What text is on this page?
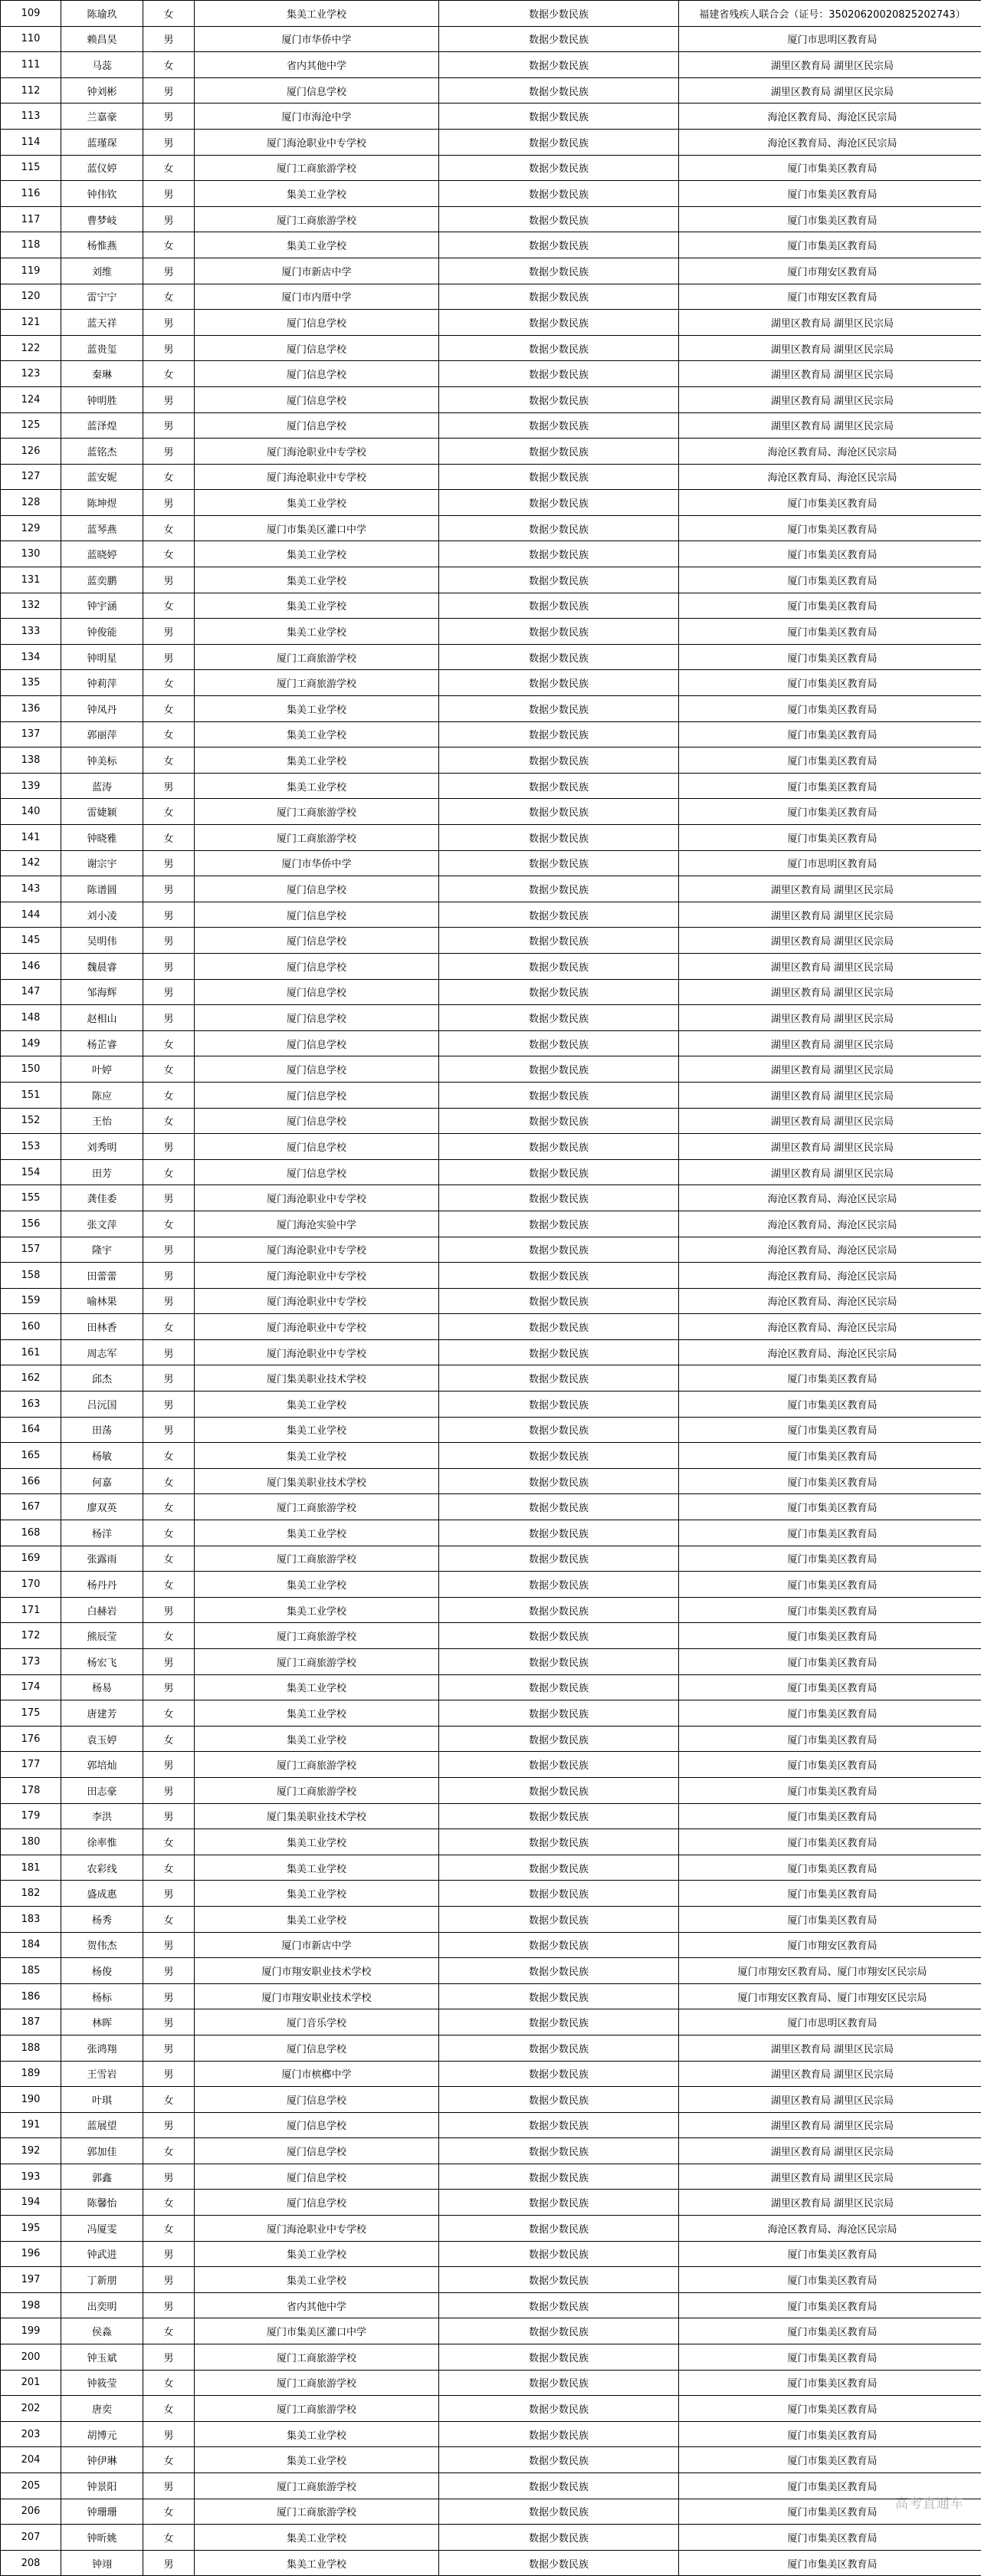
109	陈瑜玖	女	集美工业学校	数据少数民族	福建省残疾人联合会（证号：35020620020825202743）
110	赖昌昊	男	厦门市华侨中学	数据少数民族	厦门市思明区教育局
111	马蕊	女	省内其他中学	数据少数民族	湖里区教育局 湖里区民宗局
112	钟刘彬	男	厦门信息学校	数据少数民族	湖里区教育局 湖里区民宗局
113	兰嘉豪	男	厦门市海沧中学	数据少数民族	海沧区教育局、海沧区民宗局
114	蓝瑾琛	男	厦门海沧职业中专学校	数据少数民族	海沧区教育局、海沧区民宗局
115	蓝仪婷	女	厦门工商旅游学校	数据少数民族	厦门市集美区教育局
116	钟伟钦	男	集美工业学校	数据少数民族	厦门市集美区教育局
117	曹梦岐	男	厦门工商旅游学校	数据少数民族	厦门市集美区教育局
118	杨惟燕	女	集美工业学校	数据少数民族	厦门市集美区教育局
119	刘维	男	厦门市新店中学	数据少数民族	厦门市翔安区教育局
120	雷宁宁	女	厦门市内厝中学	数据少数民族	厦门市翔安区教育局
121	蓝天祥	男	厦门信息学校	数据少数民族	湖里区教育局 湖里区民宗局
122	蓝贵玺	男	厦门信息学校	数据少数民族	湖里区教育局 湖里区民宗局
123	秦琳	女	厦门信息学校	数据少数民族	湖里区教育局 湖里区民宗局
124	钟明胜	男	厦门信息学校	数据少数民族	湖里区教育局 湖里区民宗局
125	蓝泽煌	男	厦门信息学校	数据少数民族	湖里区教育局 湖里区民宗局
126	蓝铭杰	男	厦门海沧职业中专学校	数据少数民族	海沧区教育局、海沧区民宗局
127	蓝安妮	女	厦门海沧职业中专学校	数据少数民族	海沧区教育局、海沧区民宗局
128	陈坤煜	男	集美工业学校	数据少数民族	厦门市集美区教育局
129	蓝琴燕	女	厦门市集美区灌口中学	数据少数民族	厦门市集美区教育局
130	蓝晓婷	女	集美工业学校	数据少数民族	厦门市集美区教育局
131	蓝奕鹏	男	集美工业学校	数据少数民族	厦门市集美区教育局
132	钟宇涵	女	集美工业学校	数据少数民族	厦门市集美区教育局
133	钟俊能	男	集美工业学校	数据少数民族	厦门市集美区教育局
134	钟明星	男	厦门工商旅游学校	数据少数民族	厦门市集美区教育局
135	钟莉萍	女	厦门工商旅游学校	数据少数民族	厦门市集美区教育局
136	钟凤丹	女	集美工业学校	数据少数民族	厦门市集美区教育局
137	郭丽萍	女	集美工业学校	数据少数民族	厦门市集美区教育局
138	钟美标	女	集美工业学校	数据少数民族	厦门市集美区教育局
139	蓝涛	男	集美工业学校	数据少数民族	厦门市集美区教育局
140	雷婕颖	女	厦门工商旅游学校	数据少数民族	厦门市集美区教育局
141	钟晓雅	女	厦门工商旅游学校	数据少数民族	厦门市集美区教育局
142	谢宗宇	男	厦门市华侨中学	数据少数民族	厦门市思明区教育局
143	陈谱圆	男	厦门信息学校	数据少数民族	湖里区教育局 湖里区民宗局
144	刘小凌	男	厦门信息学校	数据少数民族	湖里区教育局 湖里区民宗局
145	吴明伟	男	厦门信息学校	数据少数民族	湖里区教育局 湖里区民宗局
146	魏晨睿	男	厦门信息学校	数据少数民族	湖里区教育局 湖里区民宗局
147	邹海辉	男	厦门信息学校	数据少数民族	湖里区教育局 湖里区民宗局
148	赵相山	男	厦门信息学校	数据少数民族	湖里区教育局 湖里区民宗局
149	杨芷睿	女	厦门信息学校	数据少数民族	湖里区教育局 湖里区民宗局
150	叶婷	女	厦门信息学校	数据少数民族	湖里区教育局 湖里区民宗局
151	陈应	女	厦门信息学校	数据少数民族	湖里区教育局 湖里区民宗局
152	王怡	女	厦门信息学校	数据少数民族	湖里区教育局 湖里区民宗局
153	刘秀明	男	厦门信息学校	数据少数民族	湖里区教育局 湖里区民宗局
154	田芳	女	厦门信息学校	数据少数民族	湖里区教育局 湖里区民宗局
155	龚佳委	男	厦门海沧职业中专学校	数据少数民族	海沧区教育局、海沧区民宗局
156	张文萍	女	厦门海沧实验中学	数据少数民族	海沧区教育局、海沧区民宗局
157	隆宇	男	厦门海沧职业中专学校	数据少数民族	海沧区教育局、海沧区民宗局
158	田蕾蕾	男	厦门海沧职业中专学校	数据少数民族	海沧区教育局、海沧区民宗局
159	喻林果	男	厦门海沧职业中专学校	数据少数民族	海沧区教育局、海沧区民宗局
160	田林香	女	厦门海沧职业中专学校	数据少数民族	海沧区教育局、海沧区民宗局
161	周志军	男	厦门海沧职业中专学校	数据少数民族	海沧区教育局、海沧区民宗局
162	邱杰	男	厦门集美职业技术学校	数据少数民族	厦门市集美区教育局
163	吕沅国	男	集美工业学校	数据少数民族	厦门市集美区教育局
164	田荡	男	集美工业学校	数据少数民族	厦门市集美区教育局
165	杨敏	女	集美工业学校	数据少数民族	厦门市集美区教育局
166	何嘉	女	厦门集美职业技术学校	数据少数民族	厦门市集美区教育局
167	廖双英	女	厦门工商旅游学校	数据少数民族	厦门市集美区教育局
168	杨洋	女	集美工业学校	数据少数民族	厦门市集美区教育局
169	张露雨	女	厦门工商旅游学校	数据少数民族	厦门市集美区教育局
170	杨丹丹	女	集美工业学校	数据少数民族	厦门市集美区教育局
171	白赫岩	男	集美工业学校	数据少数民族	厦门市集美区教育局
172	熊辰莹	女	厦门工商旅游学校	数据少数民族	厦门市集美区教育局
173	杨宏飞	男	厦门工商旅游学校	数据少数民族	厦门市集美区教育局
174	杨易	男	集美工业学校	数据少数民族	厦门市集美区教育局
175	唐建芳	女	集美工业学校	数据少数民族	厦门市集美区教育局
176	袁玉婷	女	集美工业学校	数据少数民族	厦门市集美区教育局
177	郭培灿	男	厦门工商旅游学校	数据少数民族	厦门市集美区教育局
178	田志豪	男	厦门工商旅游学校	数据少数民族	厦门市集美区教育局
179	李洪	男	厦门集美职业技术学校	数据少数民族	厦门市集美区教育局
180	徐率惟	女	集美工业学校	数据少数民族	厦门市集美区教育局
181	农彩线	女	集美工业学校	数据少数民族	厦门市集美区教育局
182	盛成惠	男	集美工业学校	数据少数民族	厦门市集美区教育局
183	杨秀	女	集美工业学校	数据少数民族	厦门市集美区教育局
184	贺伟杰	男	厦门市新店中学	数据少数民族	厦门市翔安区教育局
185	杨俊	男	厦门市翔安职业技术学校	数据少数民族	厦门市翔安区教育局、厦门市翔安区民宗局
186	杨标	男	厦门市翔安职业技术学校	数据少数民族	厦门市翔安区教育局、厦门市翔安区民宗局
187	林晖	男	厦门音乐学校	数据少数民族	厦门市思明区教育局
188	张鸿翔	男	厦门信息学校	数据少数民族	湖里区教育局 湖里区民宗局
189	王雪岩	男	厦门市槟榔中学	数据少数民族	湖里区教育局 湖里区民宗局
190	叶琪	女	厦门信息学校	数据少数民族	湖里区教育局 湖里区民宗局
191	蓝展望	男	厦门信息学校	数据少数民族	湖里区教育局 湖里区民宗局
192	郭加佳	女	厦门信息学校	数据少数民族	湖里区教育局 湖里区民宗局
193	郭鑫	男	厦门信息学校	数据少数民族	湖里区教育局 湖里区民宗局
194	陈馨怡	女	厦门信息学校	数据少数民族	湖里区教育局 湖里区民宗局
195	冯厦雯	女	厦门海沧职业中专学校	数据少数民族	海沧区教育局、海沧区民宗局
196	钟武进	男	集美工业学校	数据少数民族	厦门市集美区教育局
197	丁新朋	男	集美工业学校	数据少数民族	厦门市集美区教育局
198	出奕明	男	省内其他中学	数据少数民族	厦门市集美区教育局
199	侯淼	女	厦门市集美区灌口中学	数据少数民族	厦门市集美区教育局
200	钟玉斌	男	厦门工商旅游学校	数据少数民族	厦门市集美区教育局
201	钟筱莹	女	厦门工商旅游学校	数据少数民族	厦门市集美区教育局
202	唐奕	女	厦门工商旅游学校	数据少数民族	厦门市集美区教育局
203	胡博元	男	集美工业学校	数据少数民族	厦门市集美区教育局
204	钟伊琳	女	集美工业学校	数据少数民族	厦门市集美区教育局
205	钟景阳	男	厦门工商旅游学校	数据少数民族	厦门市集美区教育局
206	钟珊珊	女	厦门工商旅游学校	数据少数民族	厦门市集美区教育局
207	钟昕姚	女	集美工业学校	数据少数民族	厦门市集美区教育局
208	钟翊	男	集美工业学校	数据少数民族	厦门市集美区教育局
高考直通车
